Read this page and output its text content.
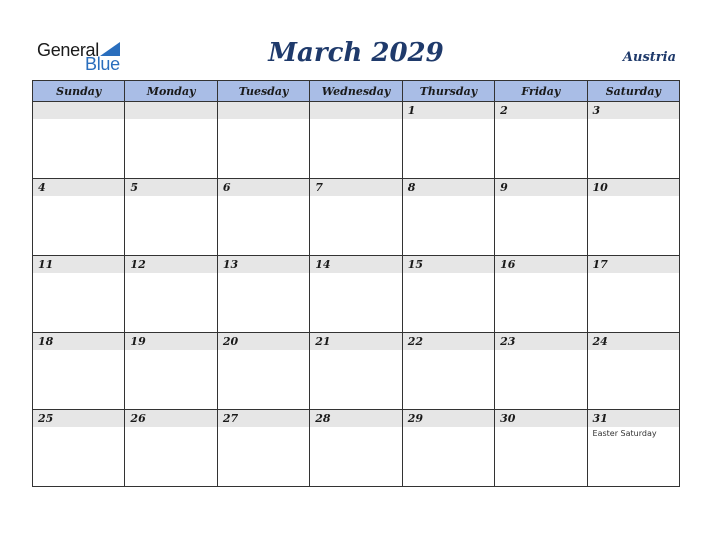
General
Blue	March 2029	Austria
Sunday	Monday	Tuesday	Wednesday	Thursday	Friday	Saturday

				1	2	3

4	5	6	7	8	9	10

11	12	13	14	15	16	17

18	19	20	21	22	23	24

25	26	27	28	29	30	31
Easter Saturday
